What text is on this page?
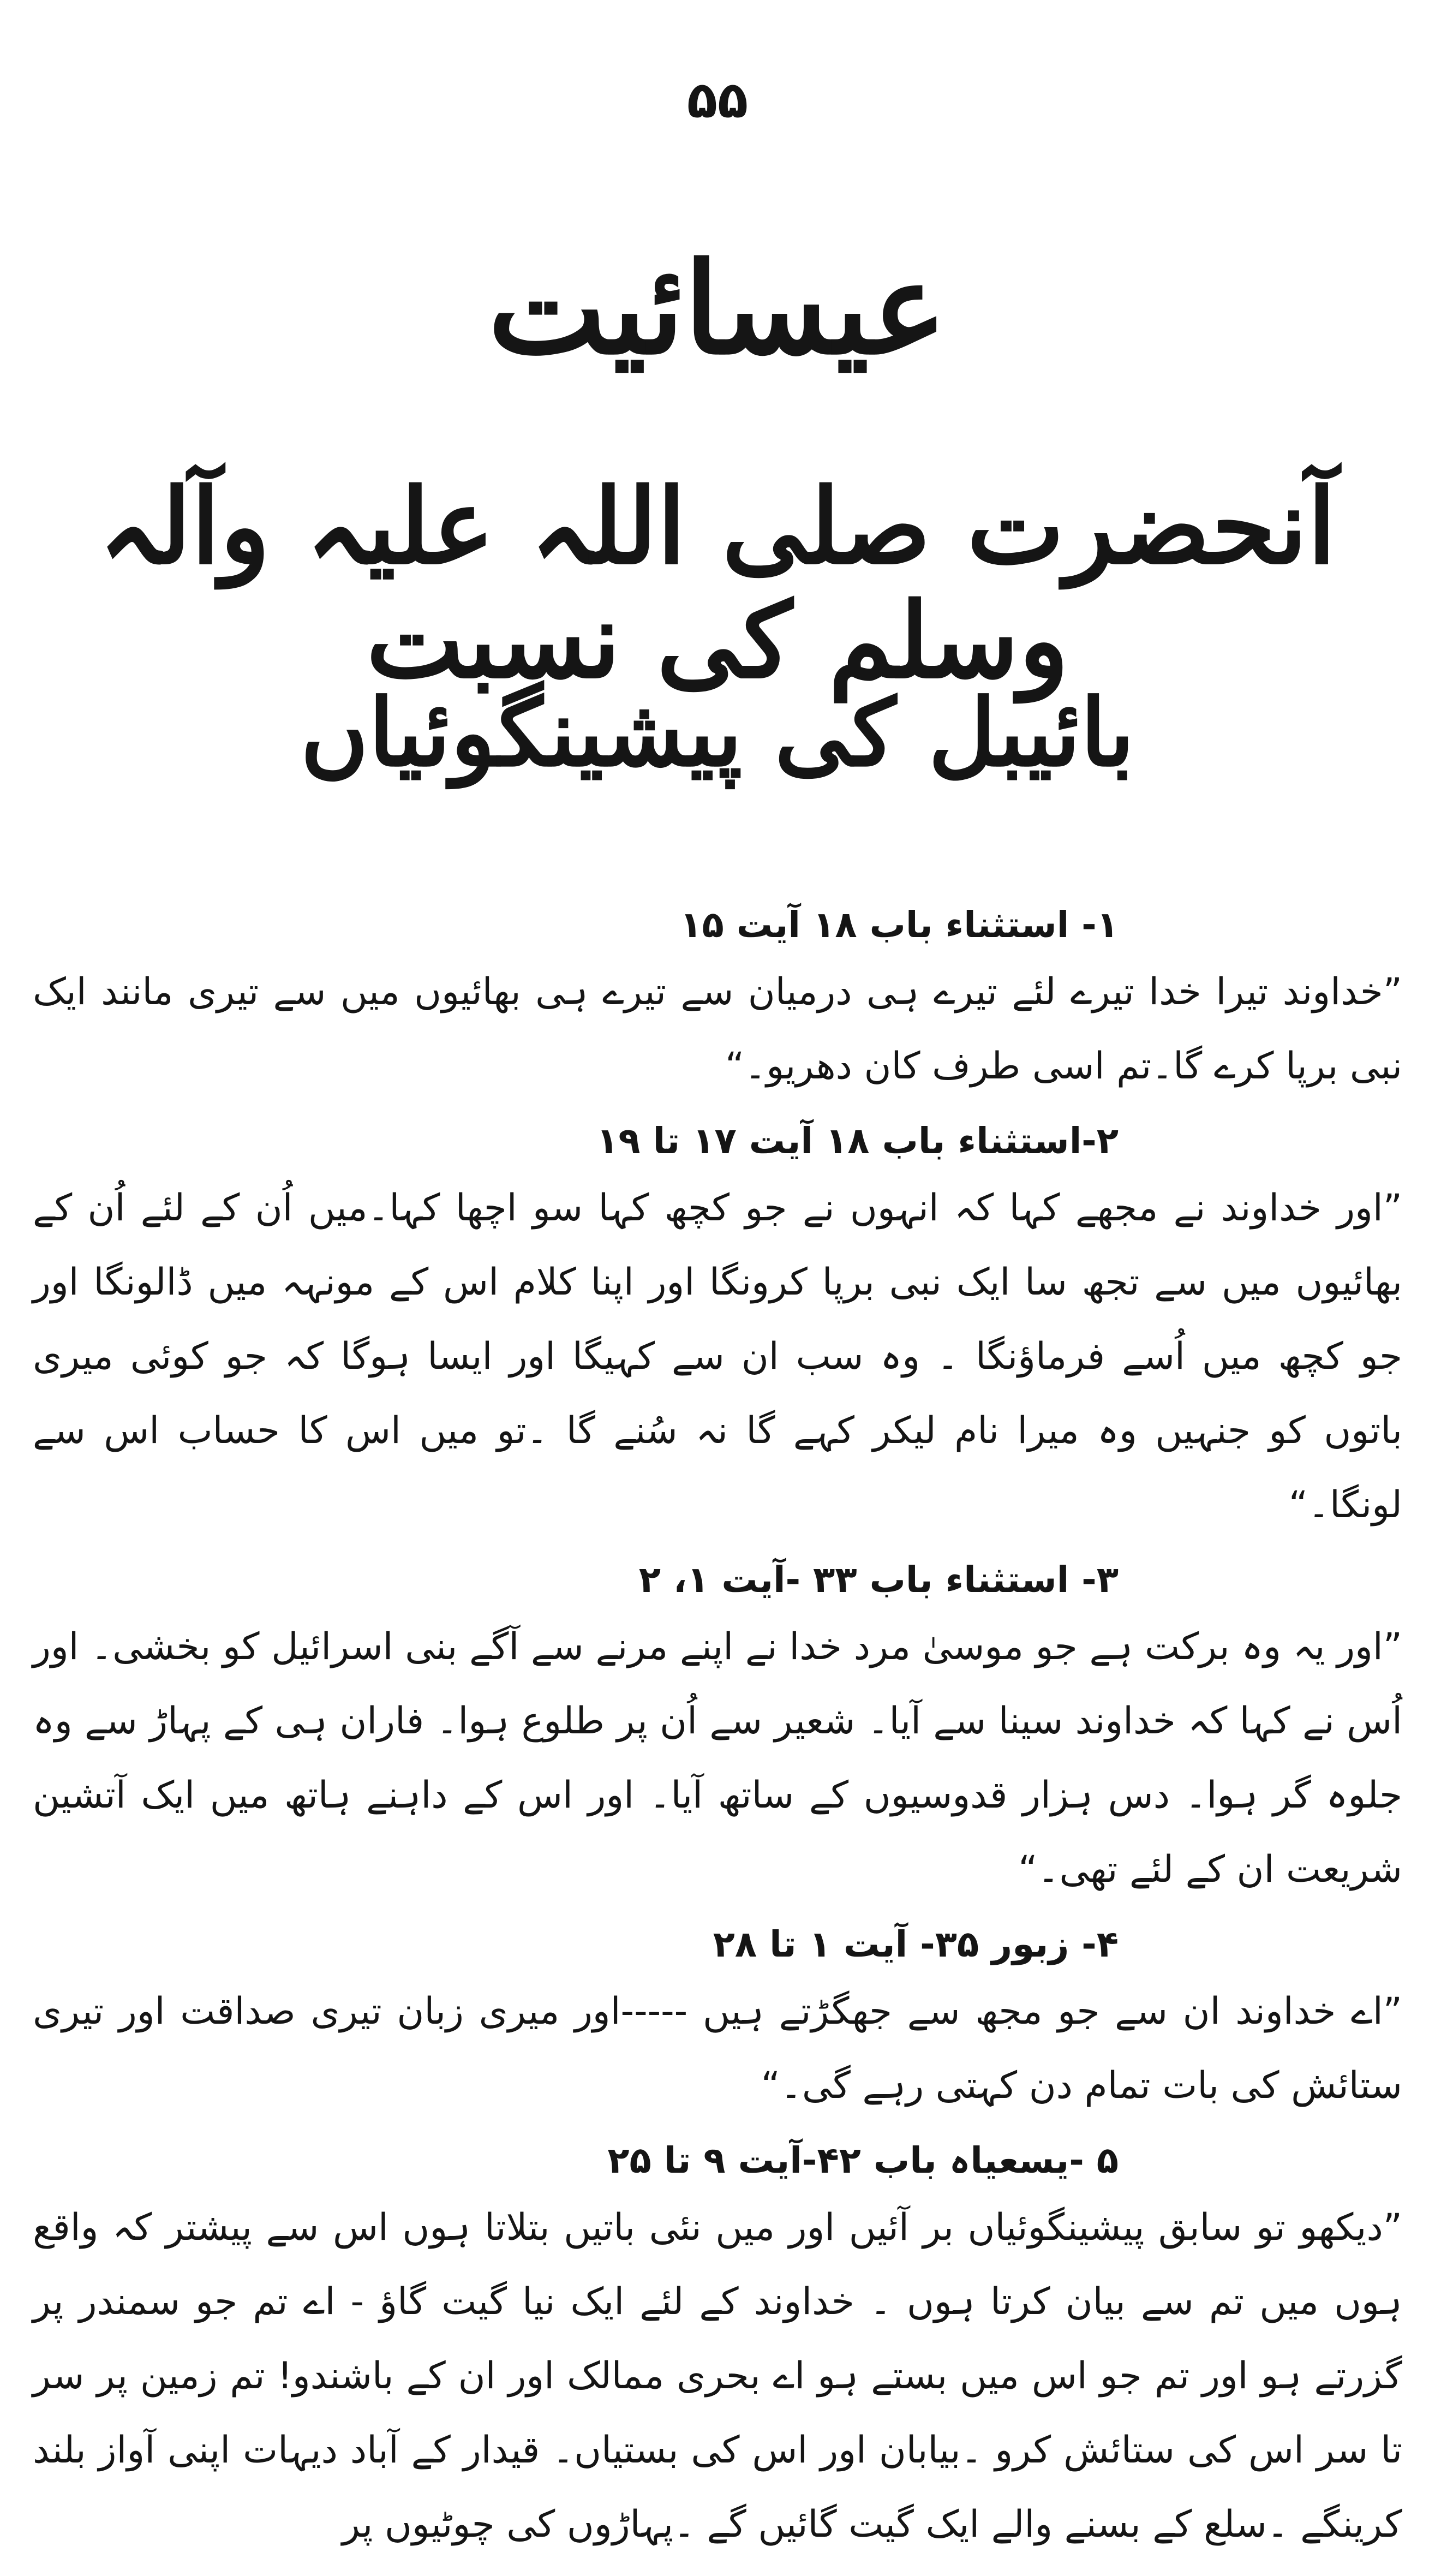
۵۵
عیسائیت
آنحضرت صلی اللہ علیہ وآلہ وسلم کی نسبت
بائیبل کی پیشینگوئیاں
۱- استثناء باب ۱۸ آیت ۱۵
”خداوند تیرا خدا تیرے لئے تیرے ہی درمیان سے تیرے ہی بھائیوں میں سے تیری مانند ایک نبی برپا کرے گا۔تم اسی طرف کان دھریو۔“
۲-استثناء باب ۱۸ آیت ۱۷ تا ۱۹
”اور خداوند نے مجھے کہا کہ انہوں نے جو کچھ کہا سو اچھا کہا۔میں اُن کے لئے اُن کے بھائیوں میں سے تجھ سا ایک نبی برپا کرونگا اور اپنا کلام اس کے مونہہ میں ڈالونگا اور جو کچھ میں اُسے فرماؤنگا ۔ وہ سب ان سے کہیگا اور ایسا ہوگا کہ جو کوئی میری باتوں کو جنہیں وہ میرا نام لیکر کہے گا نہ سُنے گا ۔تو میں اس کا حساب اس سے لونگا۔“
۳- استثناء باب ۳۳ -آیت ۱، ۲
”اور یہ وہ برکت ہے جو موسیٰ مرد خدا نے اپنے مرنے سے آگے بنی اسرائیل کو بخشی۔ اور اُس نے کہا کہ خداوند سینا سے آیا۔ شعیر سے اُن پر طلوع ہوا۔ فاران ہی کے پہاڑ سے وہ جلوہ گر ہوا۔ دس ہزار قدوسیوں کے ساتھ آیا۔ اور اس کے داہنے ہاتھ میں ایک آتشین شریعت ان کے لئے تھی۔“
۴- زبور ۳۵- آیت ۱ تا ۲۸
”اے خداوند ان سے جو مجھ سے جھگڑتے ہیں -----اور میری زبان تیری صداقت اور تیری ستائش کی بات تمام دن کہتی رہے گی۔“
۵ -یسعیاہ باب ۴۲-آیت ۹ تا ۲۵
”دیکھو تو سابق پیشینگوئیاں بر آئیں اور میں نئی باتیں بتلاتا ہوں اس سے پیشتر کہ واقع ہوں میں تم سے بیان کرتا ہوں ۔ خداوند کے لئے ایک نیا گیت گاؤ - اے تم جو سمندر پر گزرتے ہو اور تم جو اس میں بستے ہو اے بحری ممالک اور ان کے باشندو! تم زمین پر سر تا سر اس کی ستائش کرو ۔بیابان اور اس کی بستیاں۔ قیدار کے آباد دیہات اپنی آواز بلند کرینگے ۔سلع کے بسنے والے ایک گیت گائیں گے ۔پہاڑوں کی چوٹیوں پر
